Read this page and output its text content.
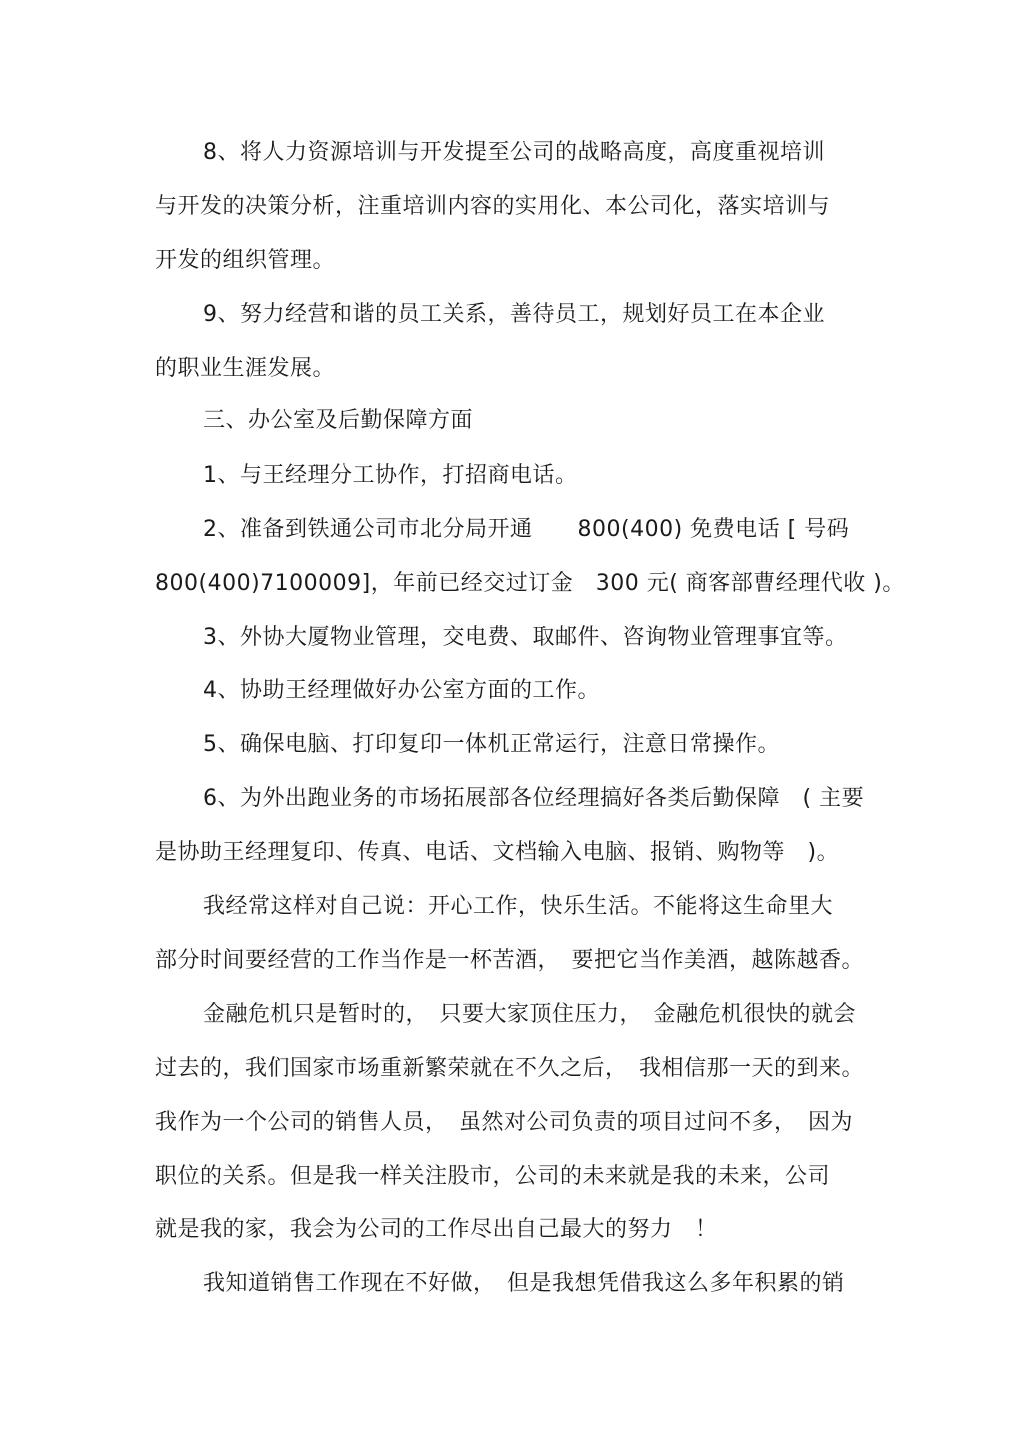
8、将人力资源培训与开发提至公司的战略高度，高度重视培训
与开发的决策分析，注重培训内容的实用化、本公司化，落实培训与
开发的组织管理。
9、努力经营和谐的员工关系，善待员工，规划好员工在本企业
的职业生涯发展。
三、办公室及后勤保障方面
1、与王经理分工协作，打招商电话。
2、准备到铁通公司市北分局开通　　800(400) 免费电话 [ 号码
800(400)7100009]，年前已经交过订金　300 元( 商客部曹经理代收 )。
3、外协大厦物业管理，交电费、取邮件、咨询物业管理事宜等。
4、协助王经理做好办公室方面的工作。
5、确保电脑、打印复印一体机正常运行，注意日常操作。
6、为外出跑业务的市场拓展部各位经理搞好各类后勤保障　( 主要
是协助王经理复印、传真、电话、文档输入电脑、报销、购物等　)。
我经常这样对自己说：开心工作，快乐生活。不能将这生命里大
部分时间要经营的工作当作是一杯苦酒，　要把它当作美酒，越陈越香。
金融危机只是暂时的，　只要大家顶住压力，　金融危机很快的就会
过去的，我们国家市场重新繁荣就在不久之后，　我相信那一天的到来。
我作为一个公司的销售人员，　虽然对公司负责的项目过问不多，　因为
职位的关系。但是我一样关注股市，公司的未来就是我的未来，公司
就是我的家，我会为公司的工作尽出自己最大的努力　！
我知道销售工作现在不好做，　但是我想凭借我这么多年积累的销
